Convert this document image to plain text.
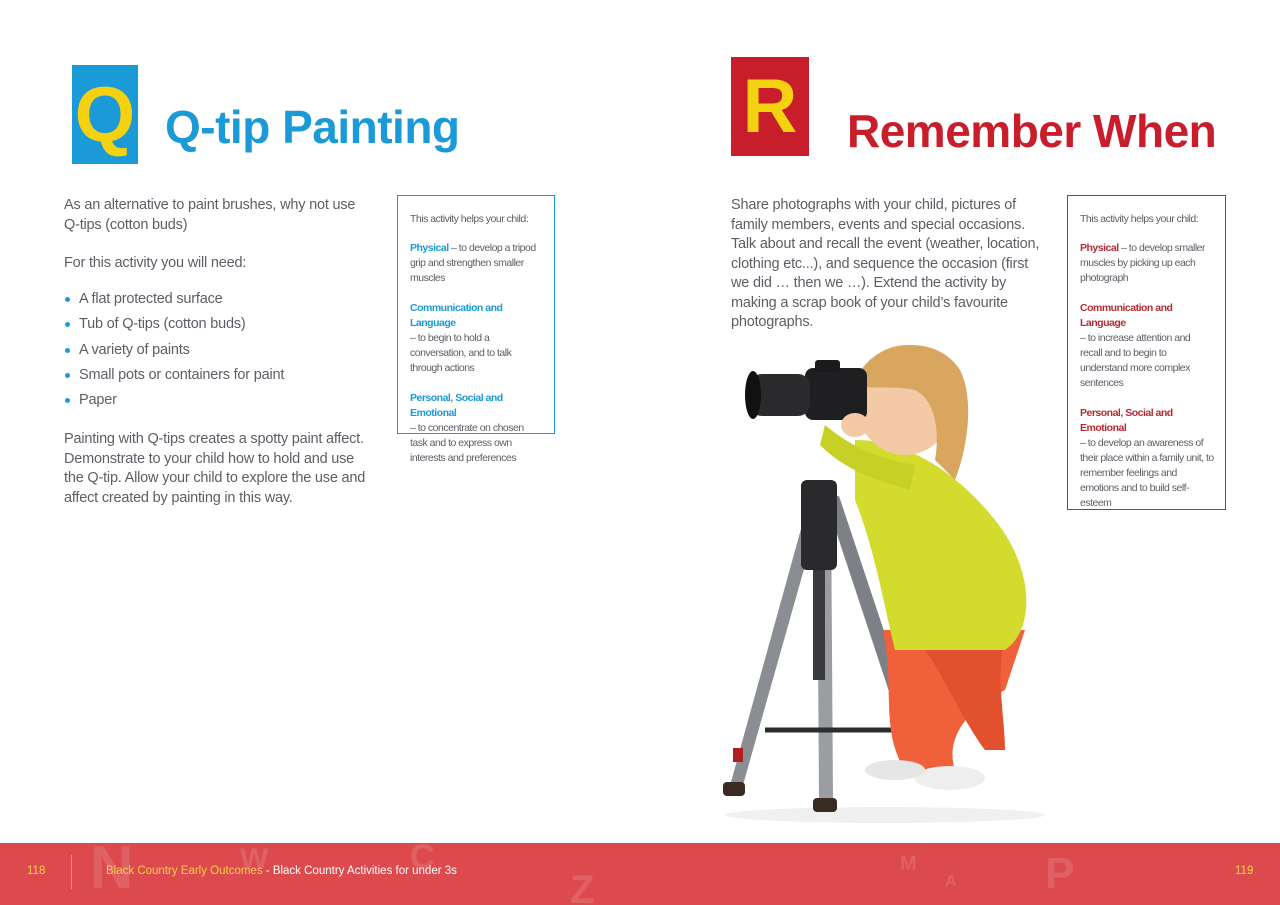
Q Q-tip Painting
As an alternative to paint brushes, why not use Q-tips (cotton buds)
For this activity you will need:
A flat protected surface
Tub of Q-tips (cotton buds)
A variety of paints
Small pots or containers for paint
Paper
Painting with Q-tips creates a spotty paint affect. Demonstrate to your child how to hold and use the Q-tip. Allow your child to explore the use and affect created by painting in this way.

This activity helps your child:

Physical – to develop a tripod grip and strengthen smaller muscles

Communication and Language
– to begin to hold a conversation, and to talk through actions

Personal, Social and Emotional
– to concentrate on chosen task and to express own interests and preferences

R Remember When
Share photographs with your child, pictures of family members, events and special occasions. Talk about and recall the event (weather, location, clothing etc...), and sequence the occasion (first we did … then we …). Extend the activity by making a scrap book of your child’s favourite photographs.

This activity helps your child:

Physical – to develop smaller muscles by picking up each photograph

Communication and Language
– to increase attention and recall and to begin to understand more complex sentences

Personal, Social and Emotional
– to develop an awareness of their place within a family unit, to remember feelings and emotions and to build self-esteem

N	W	C
Z
M
A P
118	Black Country Early Outcomes - Black Country Activities for under 3s	119
